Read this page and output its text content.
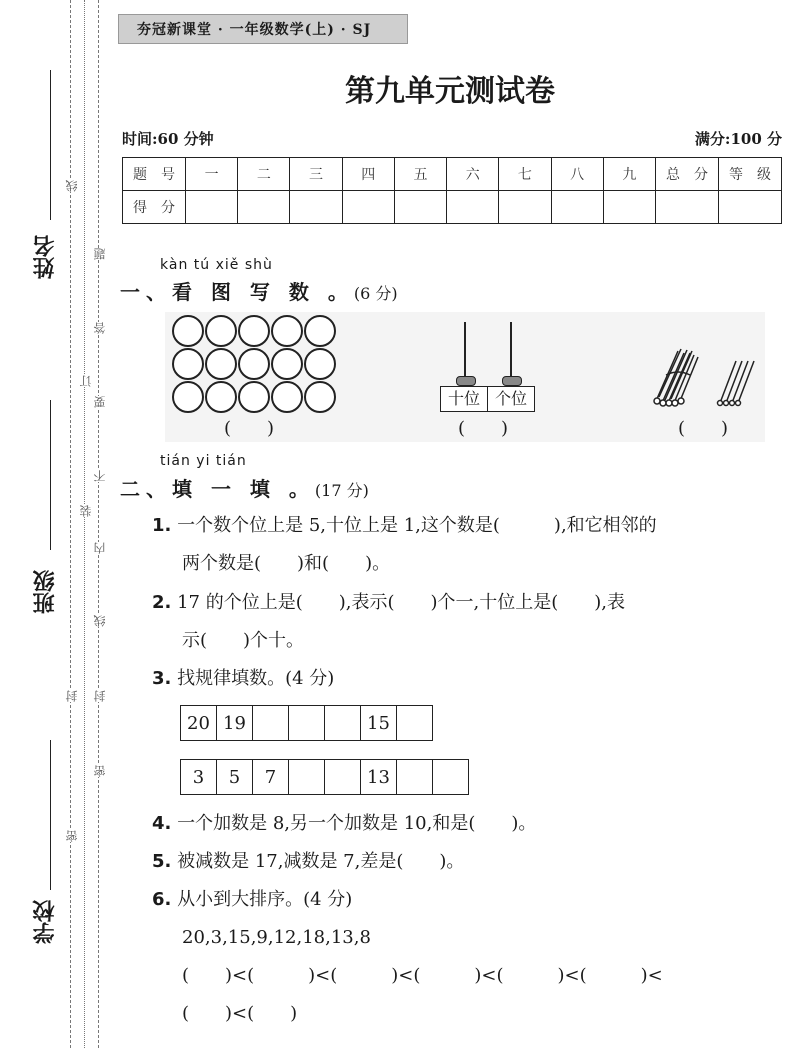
姓名
班级
学校
线
封
密
订
装
题
答
要
不
内
线
封
密
夯冠新课堂 · 一年级数学(上) · SJ
第九单元测试卷
时间:60 分钟	满分:100 分
题　号	一	二	三	四	五	六	七	八	九	总　分	等　级
得　分											
kàn tú xiě shù
一、看 图 写 数 。(6 分)
(　　)
十位 个位
(　　)	(　　)
tián yi tián
二、填 一 填 。(17 分)
1. 一个数个位上是 5,十位上是 1,这个数是(　　　),和它相邻的
两个数是(　　)和(　　)。
2. 17 的个位上是(　　),表示(　　)个一,十位上是(　　),表
示(　　)个十。
3. 找规律填数。(4 分)
20	19				15	
3	5	7			13		
4. 一个加数是 8,另一个加数是 10,和是(　　)。
5. 被减数是 17,减数是 7,差是(　　)。
6. 从小到大排序。(4 分)
20,3,15,9,12,18,13,8
(　　)<(　　　)<(　　　)<(　　　)<(　　　)<(　　　)<
(　　)<(　　)
